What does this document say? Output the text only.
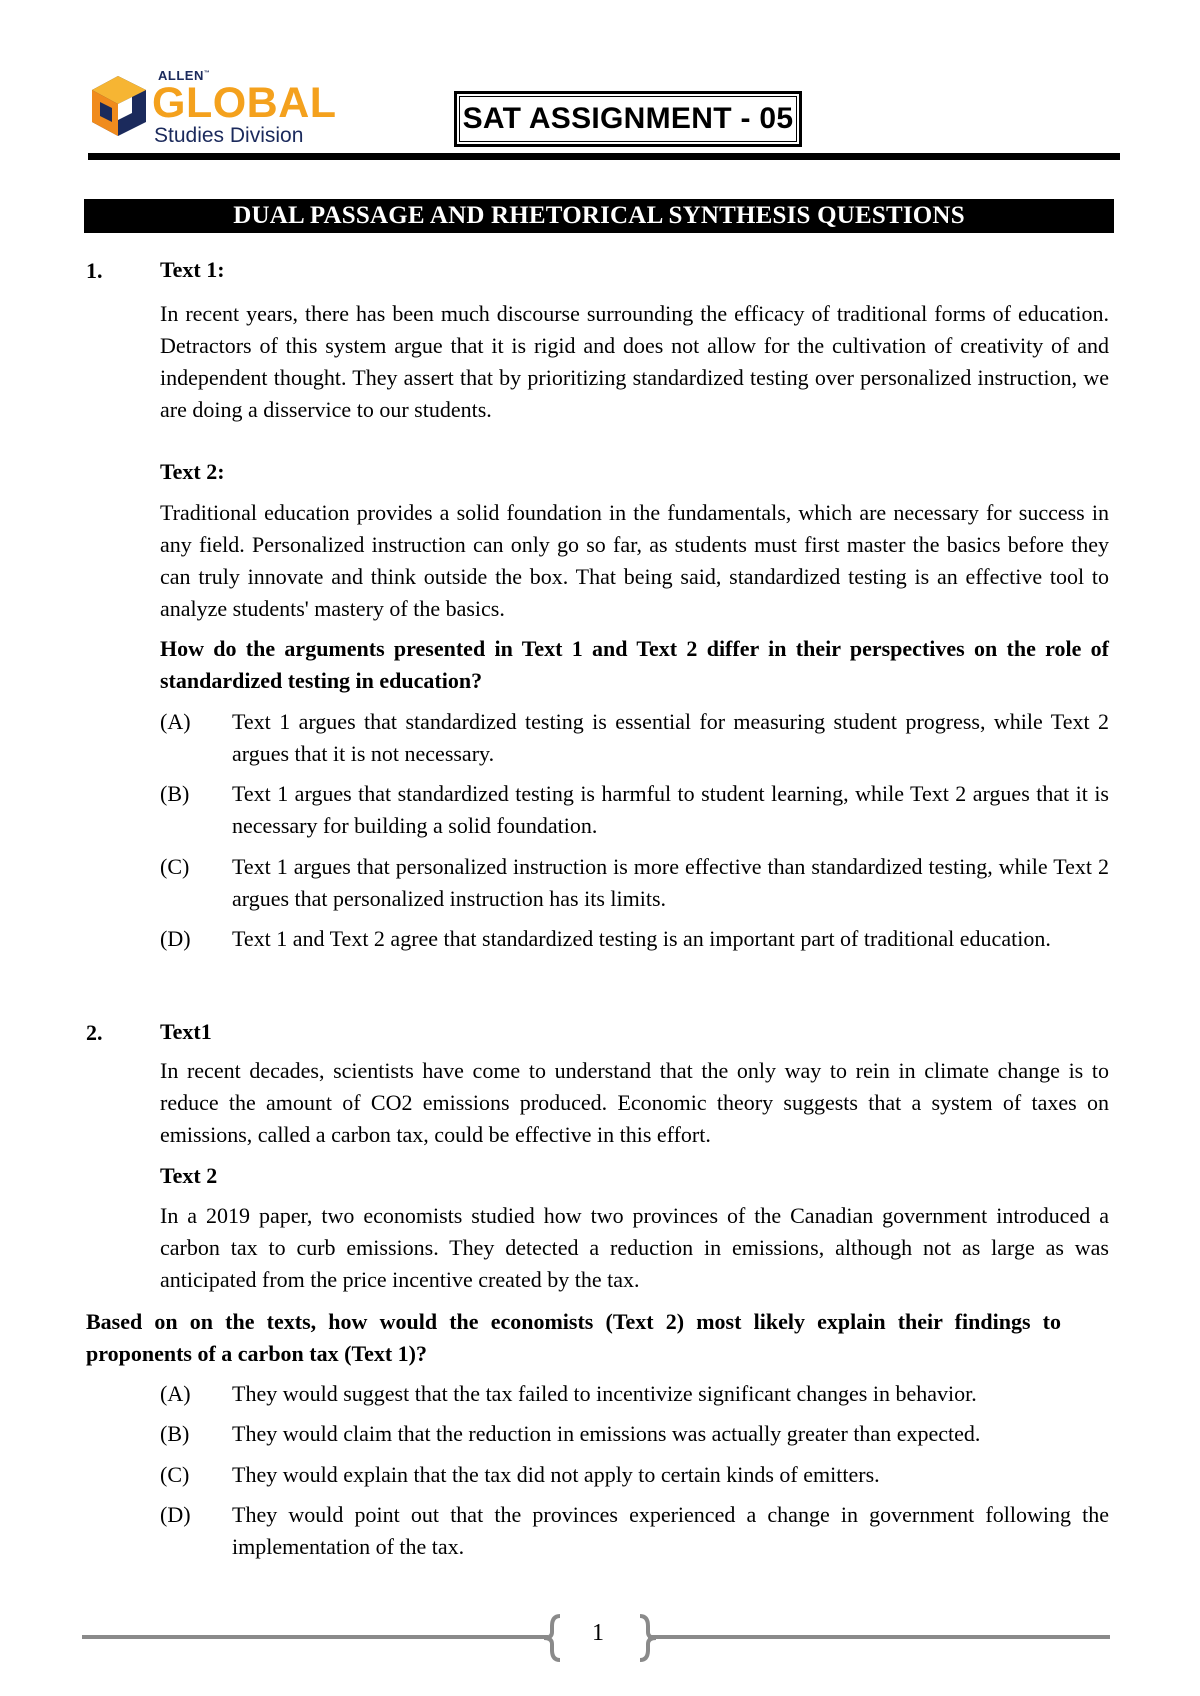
ALLEN™
GLOBAL
Studies Division
SAT ASSIGNMENT - 05
DUAL PASSAGE AND RHETORICAL SYNTHESIS QUESTIONS
1.	Text 1:
In recent years, there has been much discourse surrounding the efficacy of traditional forms of education. Detractors of this system argue that it is rigid and does not allow for the cultivation of creativity of and independent thought. They assert that by prioritizing standardized testing over personalized instruction, we are doing a disservice to our students.
Text 2:
Traditional education provides a solid foundation in the fundamentals, which are necessary for success in any field. Personalized instruction can only go so far, as students must first master the basics before they can truly innovate and think outside the box. That being said, standardized testing is an effective tool to analyze students' mastery of the basics.
How do the arguments presented in Text 1 and Text 2 differ in their perspectives on the role of standardized testing in education?
(A) Text 1 argues that standardized testing is essential for measuring student progress, while Text 2 argues that it is not necessary.
(B) Text 1 argues that standardized testing is harmful to student learning, while Text 2 argues that it is necessary for building a solid foundation.
(C) Text 1 argues that personalized instruction is more effective than standardized testing, while Text 2 argues that personalized instruction has its limits.
(D) Text 1 and Text 2 agree that standardized testing is an important part of traditional education.
2.	Text1
In recent decades, scientists have come to understand that the only way to rein in climate change is to reduce the amount of CO2 emissions produced. Economic theory suggests that a system of taxes on emissions, called a carbon tax, could be effective in this effort.
Text 2
In a 2019 paper, two economists studied how two provinces of the Canadian government introduced a carbon tax to curb emissions. They detected a reduction in emissions, although not as large as was anticipated from the price incentive created by the tax.
Based on on the texts, how would the economists (Text 2) most likely explain their findings to proponents of a carbon tax (Text 1)?
(A) They would suggest that the tax failed to incentivize significant changes in behavior.
(B) They would claim that the reduction in emissions was actually greater than expected.
(C) They would explain that the tax did not apply to certain kinds of emitters.
(D) They would point out that the provinces experienced a change in government following the implementation of the tax.
1
